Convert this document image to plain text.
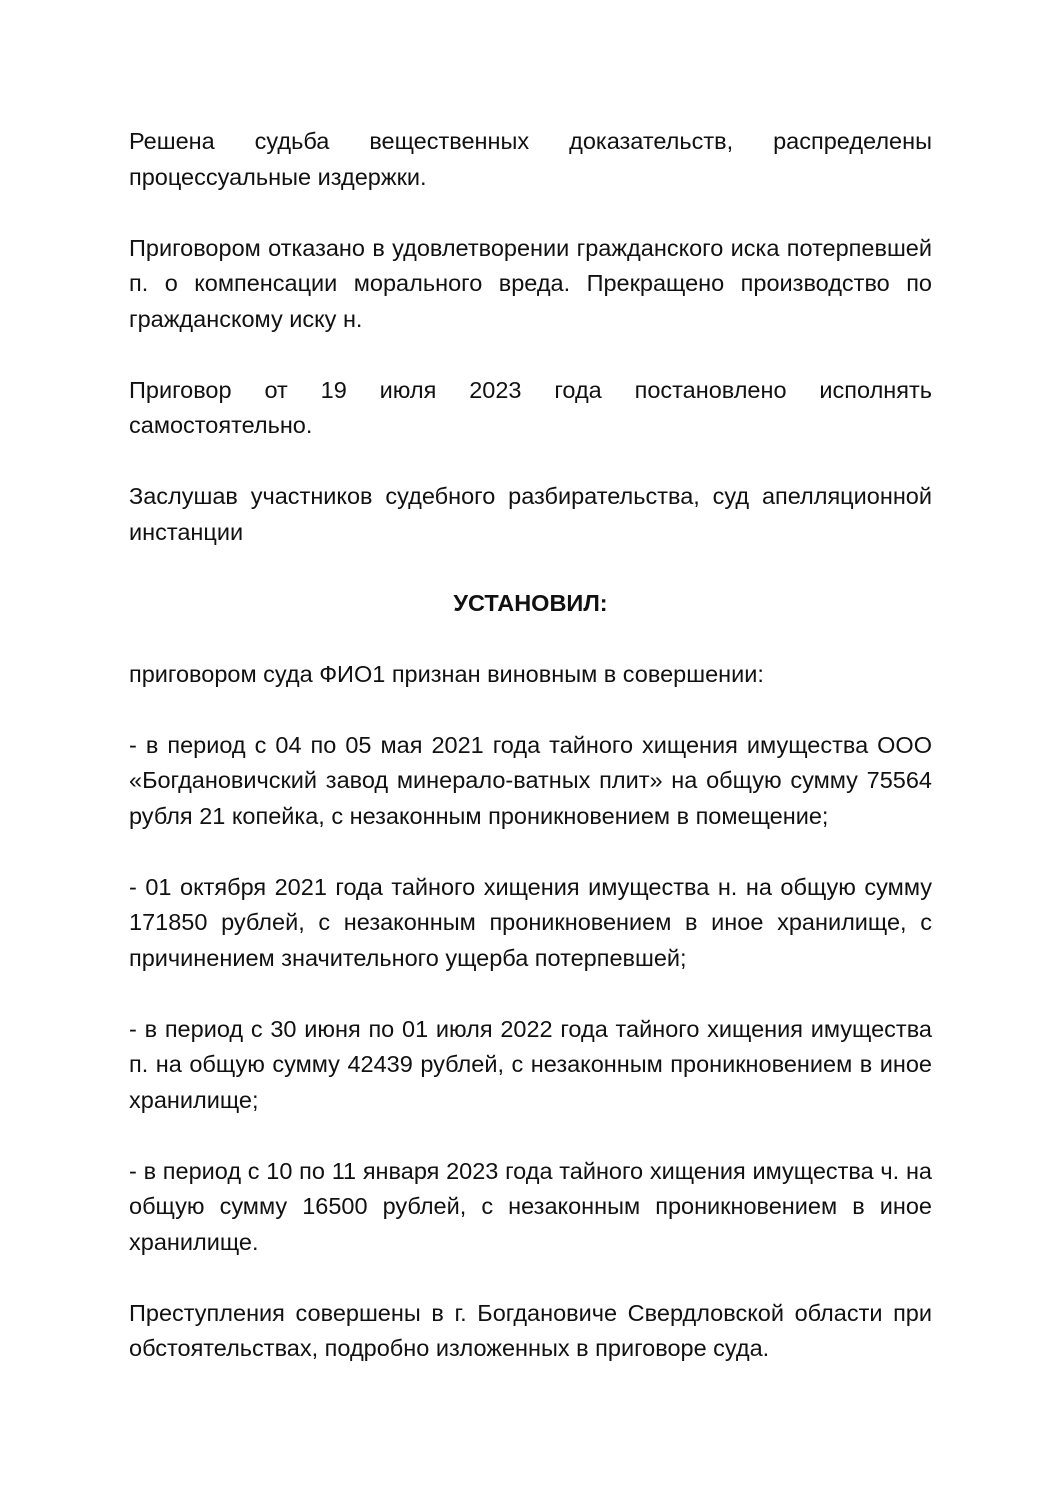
Решена судьба вещественных доказательств, распределены процессуальные издержки.

Приговором отказано в удовлетворении гражданского иска потерпевшей п. о компенсации морального вреда. Прекращено производство по гражданскому иску н.

Приговор от 19 июля 2023 года постановлено исполнять самостоятельно.

Заслушав участников судебного разбирательства, суд апелляционной инстанции

УСТАНОВИЛ:

приговором суда ФИО1 признан виновным в совершении:

- в период с 04 по 05 мая 2021 года тайного хищения имущества ООО «Богдановичский завод минерало-ватных плит» на общую сумму 75564 рубля 21 копейка, с незаконным проникновением в помещение;

- 01 октября 2021 года тайного хищения имущества н. на общую сумму 171850 рублей, с незаконным проникновением в иное хранилище, с причинением значительного ущерба потерпевшей;

- в период с 30 июня по 01 июля 2022 года тайного хищения имущества п. на общую сумму 42439 рублей, с незаконным проникновением в иное хранилище;

- в период с 10 по 11 января 2023 года тайного хищения имущества ч. на общую сумму 16500 рублей, с незаконным проникновением в иное хранилище.

Преступления совершены в г. Богдановиче Свердловской области при обстоятельствах, подробно изложенных в приговоре суда.
